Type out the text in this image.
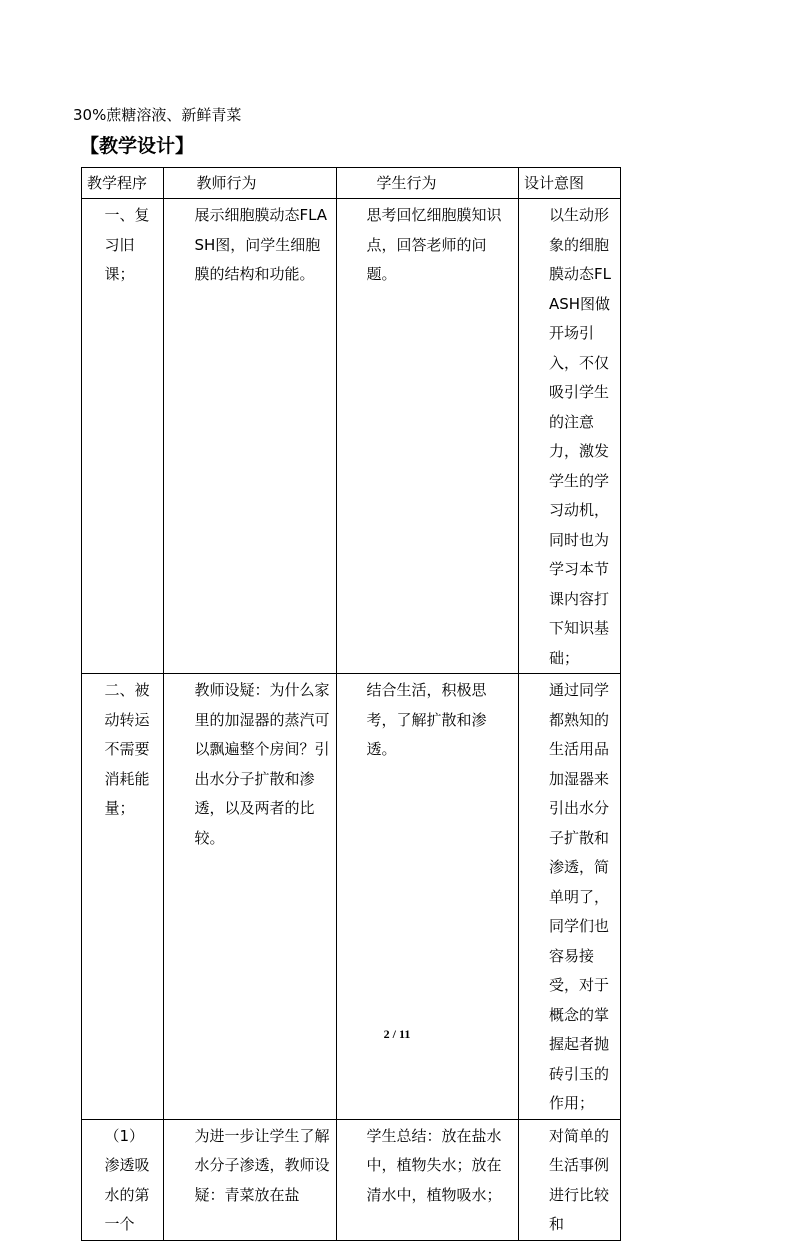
30%蔗糖溶液、新鲜青菜
【教学设计】
教学程序	教师行为	学生行为	设计意图
一、复习旧课；	展示细胞膜动态FLASH图，问学生细胞膜的结构和功能。	思考回忆细胞膜知识点，回答老师的问题。	以生动形象的细胞膜动态FLASH图做开场引入，不仅吸引学生的注意力，激发学生的学习动机，同时也为学习本节课内容打下知识基础；
二、被动转运不需要消耗能量；	教师设疑：为什么家里的加湿器的蒸汽可以飘遍整个房间？引出水分子扩散和渗透，以及两者的比较。	结合生活，积极思考，了解扩散和渗透。	通过同学都熟知的生活用品加湿器来引出水分子扩散和渗透，简单明了，同学们也容易接受，对于概念的掌握起者抛砖引玉的作用；
（1）渗透吸水的第一个	为进一步让学生了解水分子渗透，教师设疑：青菜放在盐	学生总结：放在盐水中，植物失水；放在清水中，植物吸水；	对简单的生活事例进行比较和
2 / 11
